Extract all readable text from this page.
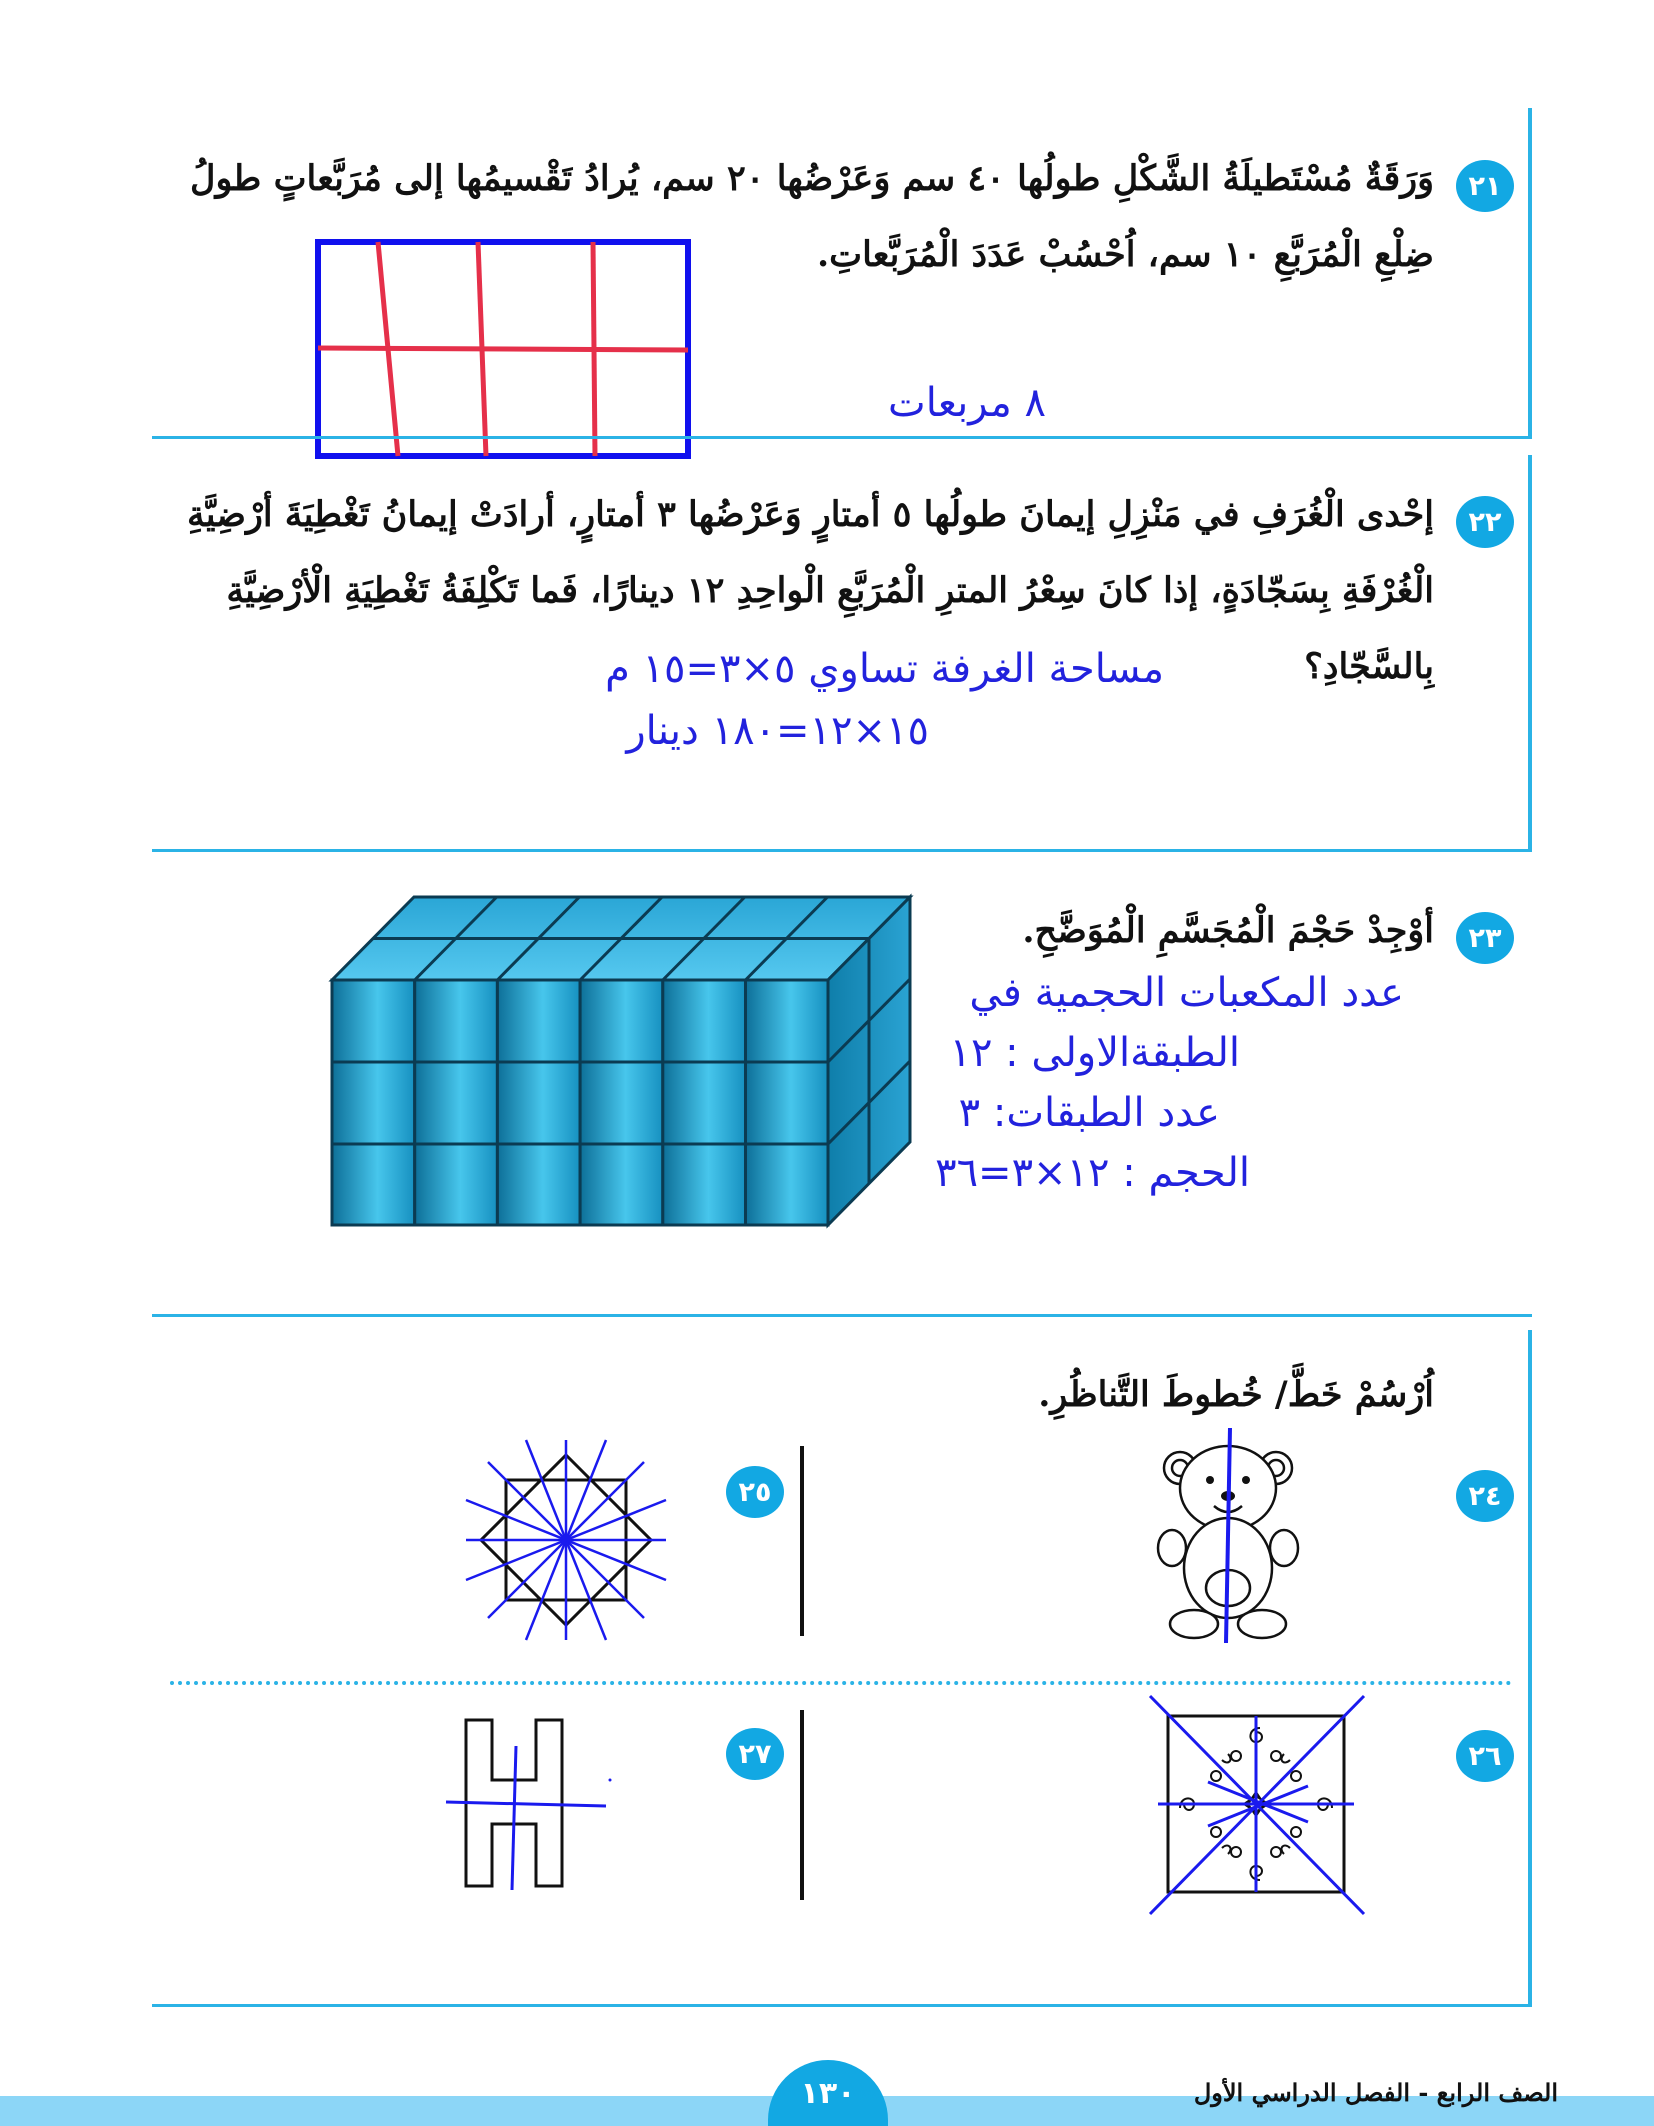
٢١
وَرَقَةٌ مُسْتَطيلَةُ الشَّكْلِ طولُها ٤٠ سم وَعَرْضُها ٢٠ سم، يُرادُ تَقْسيمُها إلى مُرَبَّعاتٍ طولُ
ضِلْعِ الْمُرَبَّعِ ١٠ سم، اُحْسُبْ عَدَدَ الْمُرَبَّعاتِ.
٨ مربعات
٢٢
إحْدى الْغُرَفِ في مَنْزِلِ إيمانَ طولُها ٥ أمتارٍ وَعَرْضُها ٣ أمتارٍ، أرادَتْ إيمانُ تَغْطِيَةَ أرْضِيَّةِ
الْغُرْفَةِ بِسَجّادَةٍ، إذا كانَ سِعْرُ المترِ الْمُرَبَّعِ الْواحِدِ ١٢ دينارًا، فَما تَكْلِفَةُ تَغْطِيَةِ الْأرْضِيَّةِ
بِالسَّجّادِ؟
مساحة الغرفة تساوي ٥×٣=١٥ م
١٥×١٢=١٨٠ دينار
٢٣
أوْجِدْ حَجْمَ الْمُجَسَّمِ الْمُوَضَّحِ.
عدد المكعبات الحجمية في
الطبقةالاولى : ١٢
عدد الطبقات: ٣
الحجم : ١٢×٣=٣٦
اُرْسُمْ خَطَّ/ خُطوطَ التَّناظُرِ.
٢٤
٢٥
٢٦
٢٧
١٣٠	الصف الرابع - الفصل الدراسي الأول
